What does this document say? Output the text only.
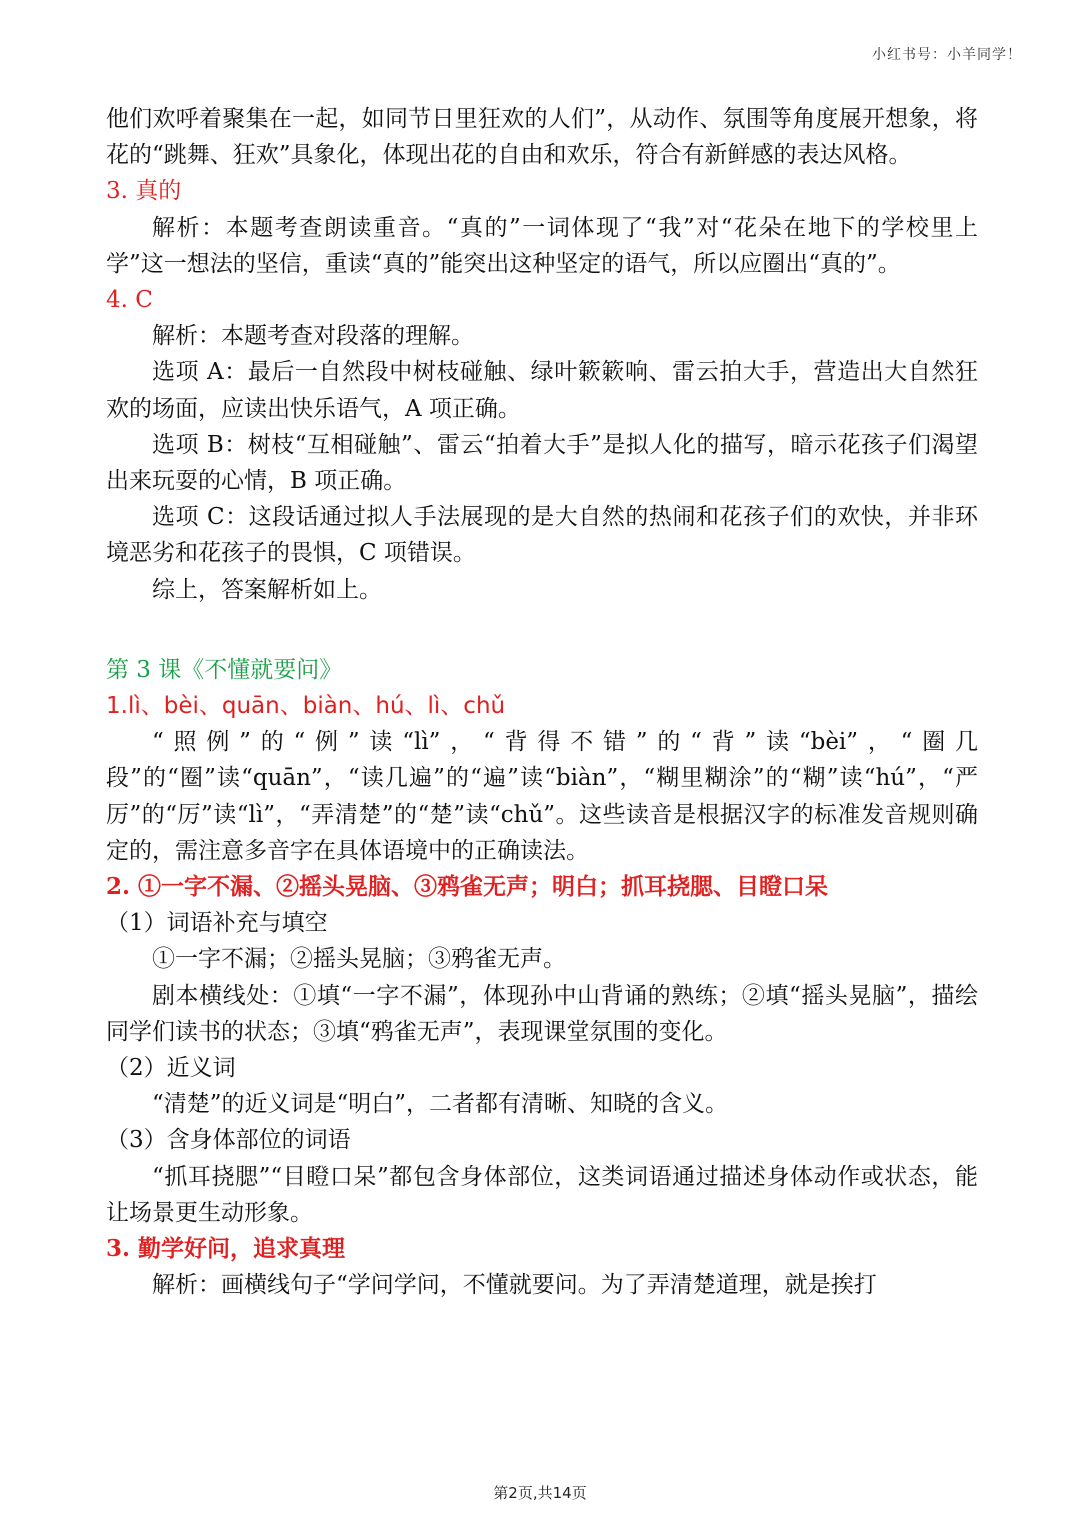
小红书号：小羊同学！

他们欢呼着聚集在一起，如同节日里狂欢的人们”，从动作、氛围等角度展开想象，将花的“跳舞、狂欢”具象化，体现出花的自由和欢乐，符合有新鲜感的表达风格。

3. 真的

解析：本题考查朗读重音。“真的”一词体现了“我”对“花朵在地下的学校里上学”这一想法的坚信，重读“真的”能突出这种坚定的语气，所以应圈出“真的”。

4. C

解析：本题考查对段落的理解。

选项 A：最后一自然段中树枝碰触、绿叶簌簌响、雷云拍大手，营造出大自然狂欢的场面，应读出快乐语气，A 项正确。

选项 B：树枝“互相碰触”、雷云“拍着大手”是拟人化的描写，暗示花孩子们渴望出来玩耍的心情，B 项正确。

选项 C：这段话通过拟人手法展现的是大自然的热闹和花孩子们的欢快，并非环境恶劣和花孩子的畏惧，C 项错误。

综上，答案解析如上。

第 3 课《不懂就要问》

1.lì、bèi、quān、biàn、hú、lì、chǔ

“照例”的“例”读“lì”，“背得不错”的“背”读“bèi”，“圈几段”的“圈”读“quān”，“读几遍”的“遍”读“biàn”，“糊里糊涂”的“糊”读“hú”，“严厉”的“厉”读“lì”，“弄清楚”的“楚”读“chǔ”。这些读音是根据汉字的标准发音规则确定的，需注意多音字在具体语境中的正确读法。

2. ①一字不漏、②摇头晃脑、③鸦雀无声；明白；抓耳挠腮、目瞪口呆

（1）词语补充与填空

①一字不漏；②摇头晃脑；③鸦雀无声。

剧本横线处：①填“一字不漏”，体现孙中山背诵的熟练；②填“摇头晃脑”，描绘同学们读书的状态；③填“鸦雀无声”，表现课堂氛围的变化。

（2）近义词

“清楚”的近义词是“明白”，二者都有清晰、知晓的含义。

（3）含身体部位的词语

“抓耳挠腮”“目瞪口呆”都包含身体部位，这类词语通过描述身体动作或状态，能让场景更生动形象。

3. 勤学好问，追求真理

解析：画横线句子“学问学问，不懂就要问。为了弄清楚道理，就是挨打

第2页,共14页
